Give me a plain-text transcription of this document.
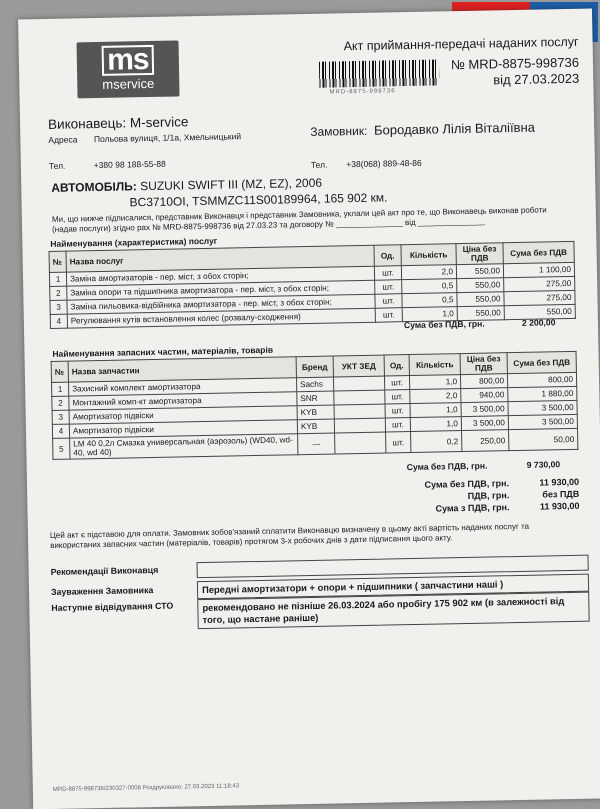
ms
mservice
Акт приймання-передачі наданих послуг
MRD-8875-998736
№ MRD-8875-998736
від 27.03.2023
Виконавець: M-service
Адреса Польова вулиця, 1/1а, Хмельницький	Замовник: Бородавко Лілія Віталіївна
Тел.	+380 98 188-55-88	Тел. +38(068) 889-48-86
АВТОМОБІЛЬ: SUZUKI SWIFT III (MZ, EZ), 2006
BC3710OI, TSMMZC11S00189964, 165 902 км.
Ми, що нижче підписалися, представник Виконавця і представник Замовника, уклали цей акт про те, що Виконавець виконав роботи (надав послуги) згідно рах № MRD-8875-998736 від 27.03.23 та договору № _______________ від _______________
Найменування (характеристика) послуг
№	Назва послуг	Од.	Кількість	Ціна без ПДВ	Сума без ПДВ
1	Заміна амортизаторів - пер. міст, з обох сторін;	шт.	2,0	550,00	1 100,00
2	Заміна опори та підшипника амортизатора - пер. міст, з обох сторін;	шт.	0,5	550,00	275,00
3	Заміна пильовика-відбійника амортизатора - пер. міст, з обох сторін;	шт.	0,5	550,00	275,00
4	Регулювання кутів встановлення колес (розвалу-сходження)	шт.	1,0	550,00	550,00
Сума без ПДВ, грн.	2 200,00
Найменування запасних частин, матеріалів, товарів
№	Назва запчастин	Бренд	УКТ ЗЕД	Од.	Кількість	Ціна без ПДВ	Сума без ПДВ
1	Захисний комплект амортизатора	Sachs		шт.	1,0	800,00	800,00
2	Монтажний комп-кт амортизатора	SNR		шт.	2,0	940,00	1 880,00
3	Амортизатор підвіски	KYB		шт.	1,0	3 500,00	3 500,00
4	Амортизатор підвіски	KYB		шт.	1,0	3 500,00	3 500,00
5	LM 40 0,2л Смазка универсальная (аэрозоль) (WD40, wd-40, wd 40)	---		шт.	0,2	250,00	50,00
Сума без ПДВ, грн.	9 730,00
Сума без ПДВ, грн.	11 930,00
ПДВ, грн.	без ПДВ
Сума з ПДВ, грн.	11 930,00
Цей акт є підставою для оплати. Замовник зобов'язаний сплатити Виконавцю визначену в цьому акті вартість наданих послуг та використаних запасних частин (матеріалів, товарів) протягом 3-х робочих днів з дати підписання цього акту.
Рекомендації Виконавця
Зауваження Замовника	Передні амортизатори + опори + підшипники ( запчастини наші )
Наступне відвідування СТО	рекомендовано не пізніше 26.03.2024 або пробігу 175 902 км (в залежності від того, що настане раніше)
MRD-8875-998736/230327-0008 Роздруковано: 27.03.2023 11:18:43
